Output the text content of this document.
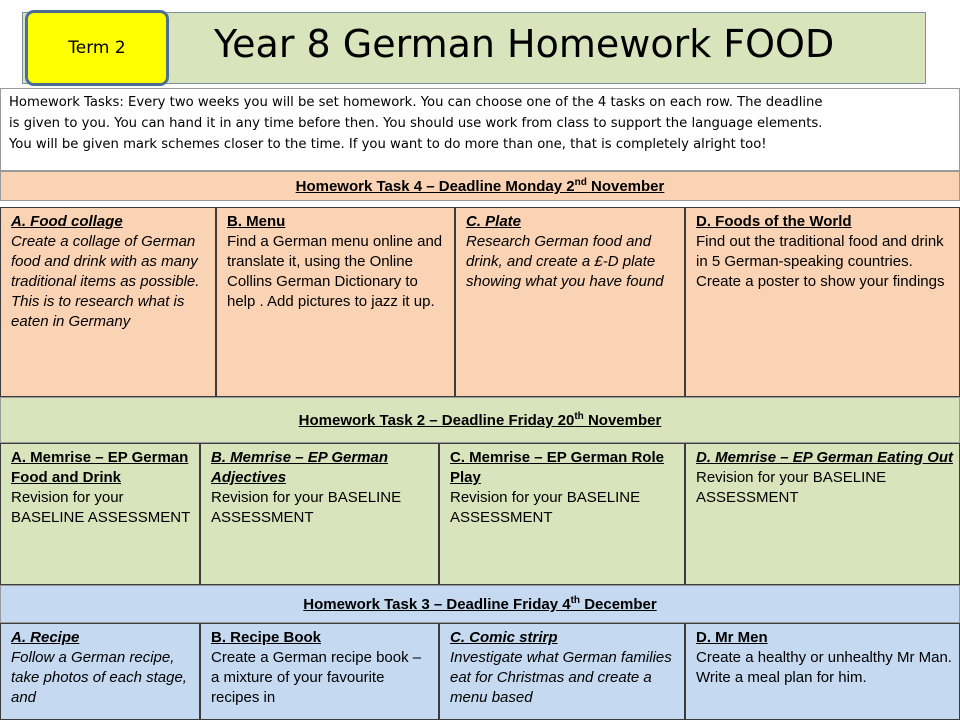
Year 8 German Homework FOOD
Term 2
Homework Tasks: Every two weeks you will be set homework. You can choose one of the 4 tasks on each row. The deadline
is given to you. You can hand it in any time before then. You should use work from class to support the language elements.
You will be given mark schemes closer to the time. If you want to do more than one, that is completely alright too!
Homework Task 4 – Deadline Monday 2nd November
A. Food collage
Create a collage of German food and drink with as many traditional items as possible. This is to research what is eaten in Germany
B. Menu
Find a German menu online and translate it, using the Online Collins German Dictionary to help . Add pictures to jazz it up.
C. Plate
Research German food and drink, and create a £-D plate showing what you have found
D. Foods of the World
Find out the traditional food and drink in 5 German-speaking countries. Create a poster to show your findings
Homework Task 2 – Deadline Friday 20th November
A. Memrise – EP German Food and Drink
Revision for your BASELINE ASSESSMENT
B. Memrise – EP German Adjectives
Revision for your BASELINE ASSESSMENT
C. Memrise – EP German Role Play
Revision for your BASELINE ASSESSMENT
D. Memrise – EP German Eating Out
Revision for your BASELINE ASSESSMENT
Homework Task 3 – Deadline Friday 4th December
A. Recipe
Follow a German recipe, take photos of each stage, and
B. Recipe Book
Create a German recipe book – a mixture of your favourite recipes in
C. Comic strirp
Investigate what German families eat for Christmas and create a menu based
D. Mr Men
Create a healthy or unhealthy Mr Man. Write a meal plan for him.
